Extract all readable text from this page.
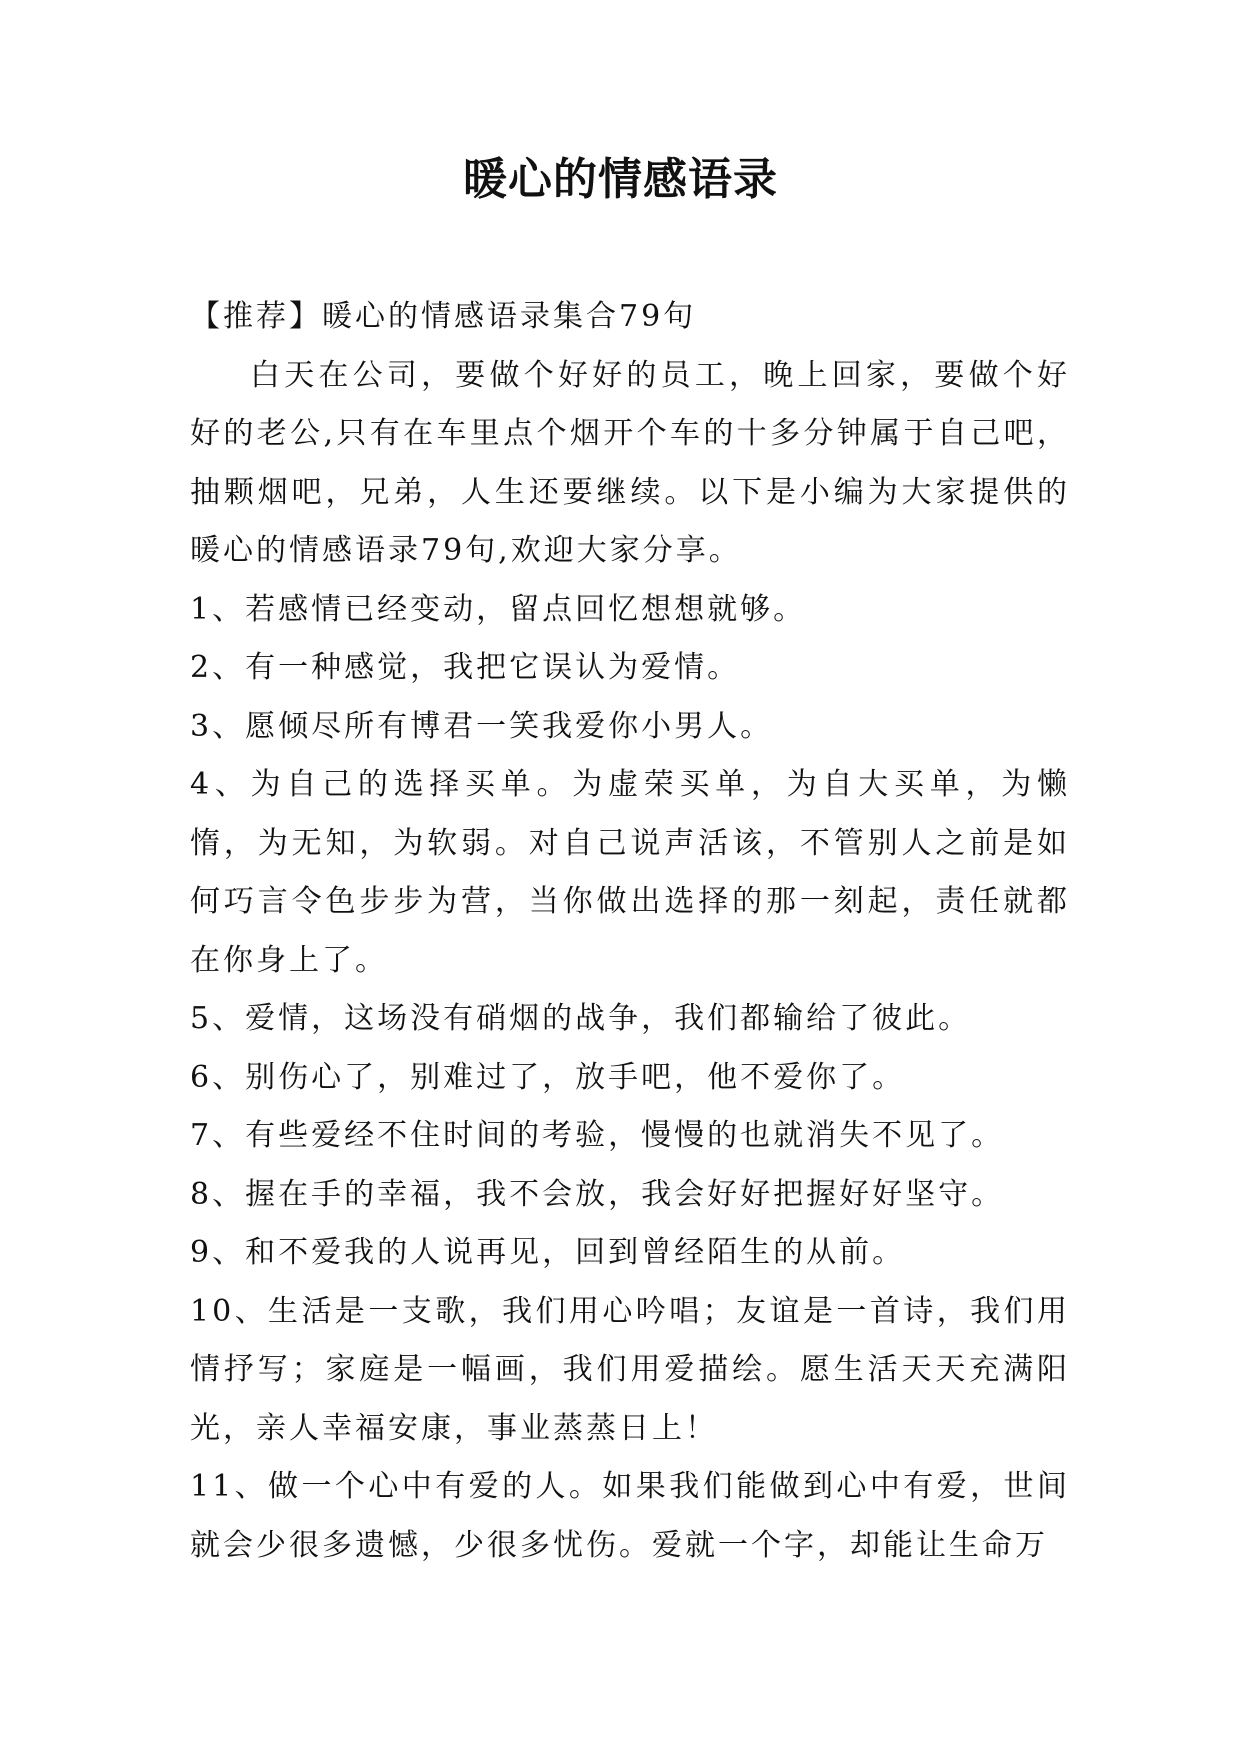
暖心的情感语录

【推荐】暖心的情感语录集合79句

白天在公司，要做个好好的员工，晚上回家，要做个好好的老公,只有在车里点个烟开个车的十多分钟属于自己吧，抽颗烟吧，兄弟，人生还要继续。以下是小编为大家提供的暖心的情感语录79句,欢迎大家分享。

1、若感情已经变动，留点回忆想想就够。

2、有一种感觉，我把它误认为爱情。

3、愿倾尽所有博君一笑我爱你小男人。

4、为自己的选择买单。为虚荣买单，为自大买单，为懒惰，为无知，为软弱。对自己说声活该，不管别人之前是如何巧言令色步步为营，当你做出选择的那一刻起，责任就都在你身上了。

5、爱情，这场没有硝烟的战争，我们都输给了彼此。

6、别伤心了，别难过了，放手吧，他不爱你了。

7、有些爱经不住时间的考验，慢慢的也就消失不见了。

8、握在手的幸福，我不会放，我会好好把握好好坚守。

9、和不爱我的人说再见，回到曾经陌生的从前。

10、生活是一支歌，我们用心吟唱；友谊是一首诗，我们用情抒写；家庭是一幅画，我们用爱描绘。愿生活天天充满阳光，亲人幸福安康，事业蒸蒸日上！

11、做一个心中有爱的人。如果我们能做到心中有爱，世间就会少很多遗憾，少很多忧伤。爱就一个字，却能让生命万
